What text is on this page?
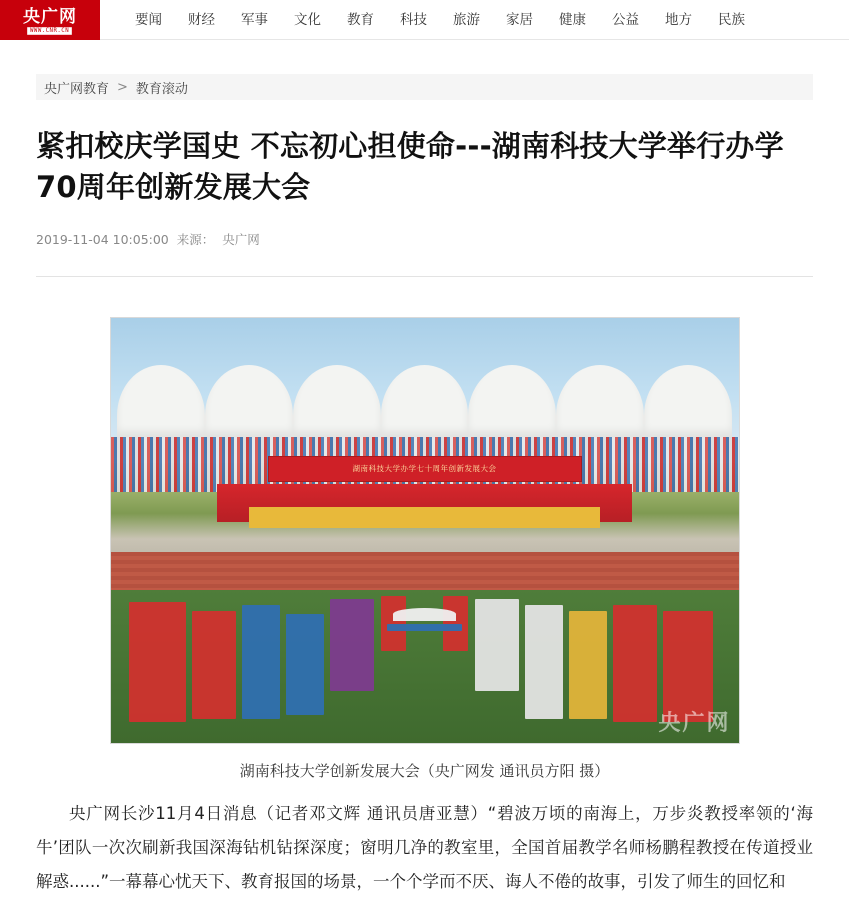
央广网
WWW.CNR.CN
要闻	财经	军事	文化	教育	科技	旅游	家居	健康	公益	地方	民族
央广网教育 > 教育滚动
紧扣校庆学国史 不忘初心担使命---湖南科技大学举行办学70周年创新发展大会
2019-11-04 10:05:00 来源： 央广网
湖南科技大学办学七十周年创新发展大会
央广网
湖南科技大学创新发展大会（央广网发 通讯员方阳 摄）

央广网长沙11月4日消息（记者邓文辉 通讯员唐亚慧）“碧波万顷的南海上，万步炎教授率领的‘海牛’团队一次次刷新我国深海钻机钻探深度；窗明几净的教室里，全国首届教学名师杨鹏程教授在传道授业解惑......”一幕幕心忧天下、教育报国的场景，一个个学而不厌、诲人不倦的故事，引发了师生的回忆和
